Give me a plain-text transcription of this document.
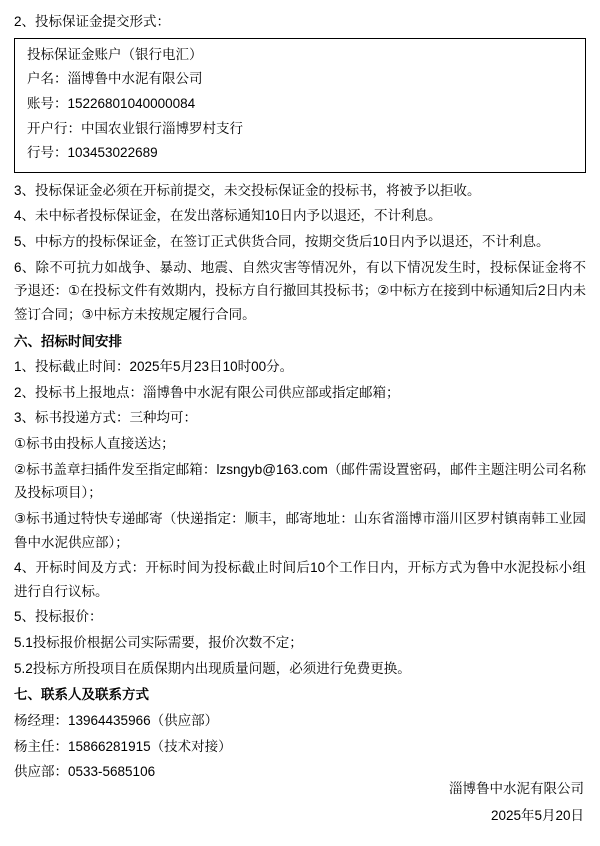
2、投标保证金提交形式：
投标保证金账户（银行电汇）
户名：淄博鲁中水泥有限公司
账号：15226801040000084
开户行：中国农业银行淄博罗村支行
行号：103453022689
3、投标保证金必须在开标前提交，未交投标保证金的投标书，将被予以拒收。
4、未中标者投标保证金，在发出落标通知10日内予以退还，不计利息。
5、中标方的投标保证金，在签订正式供货合同，按期交货后10日内予以退还，不计利息。
6、除不可抗力如战争、暴动、地震、自然灾害等情况外，有以下情况发生时，投标保证金将不予退还：①在投标文件有效期内，投标方自行撤回其投标书；②中标方在接到中标通知后2日内未签订合同；③中标方未按规定履行合同。
六、招标时间安排
1、投标截止时间：2025年5月23日10时00分。
2、投标书上报地点：淄博鲁中水泥有限公司供应部或指定邮箱；
3、标书投递方式：三种均可：
①标书由投标人直接送达；
②标书盖章扫插件发至指定邮箱：lzsngyb@163.com（邮件需设置密码，邮件主题注明公司名称及投标项目）；
③标书通过特快专递邮寄（快递指定：顺丰，邮寄地址：山东省淄博市淄川区罗村镇南韩工业园鲁中水泥供应部）；
4、开标时间及方式：开标时间为投标截止时间后10个工作日内，开标方式为鲁中水泥投标小组进行自行议标。
5、投标报价：
5.1投标报价根据公司实际需要，报价次数不定；
5.2投标方所投项目在质保期内出现质量问题，必须进行免费更换。
七、联系人及联系方式
杨经理：13964435966（供应部）
杨主任：15866281915（技术对接）
供应部：0533-5685106
淄博鲁中水泥有限公司
2025年5月20日
